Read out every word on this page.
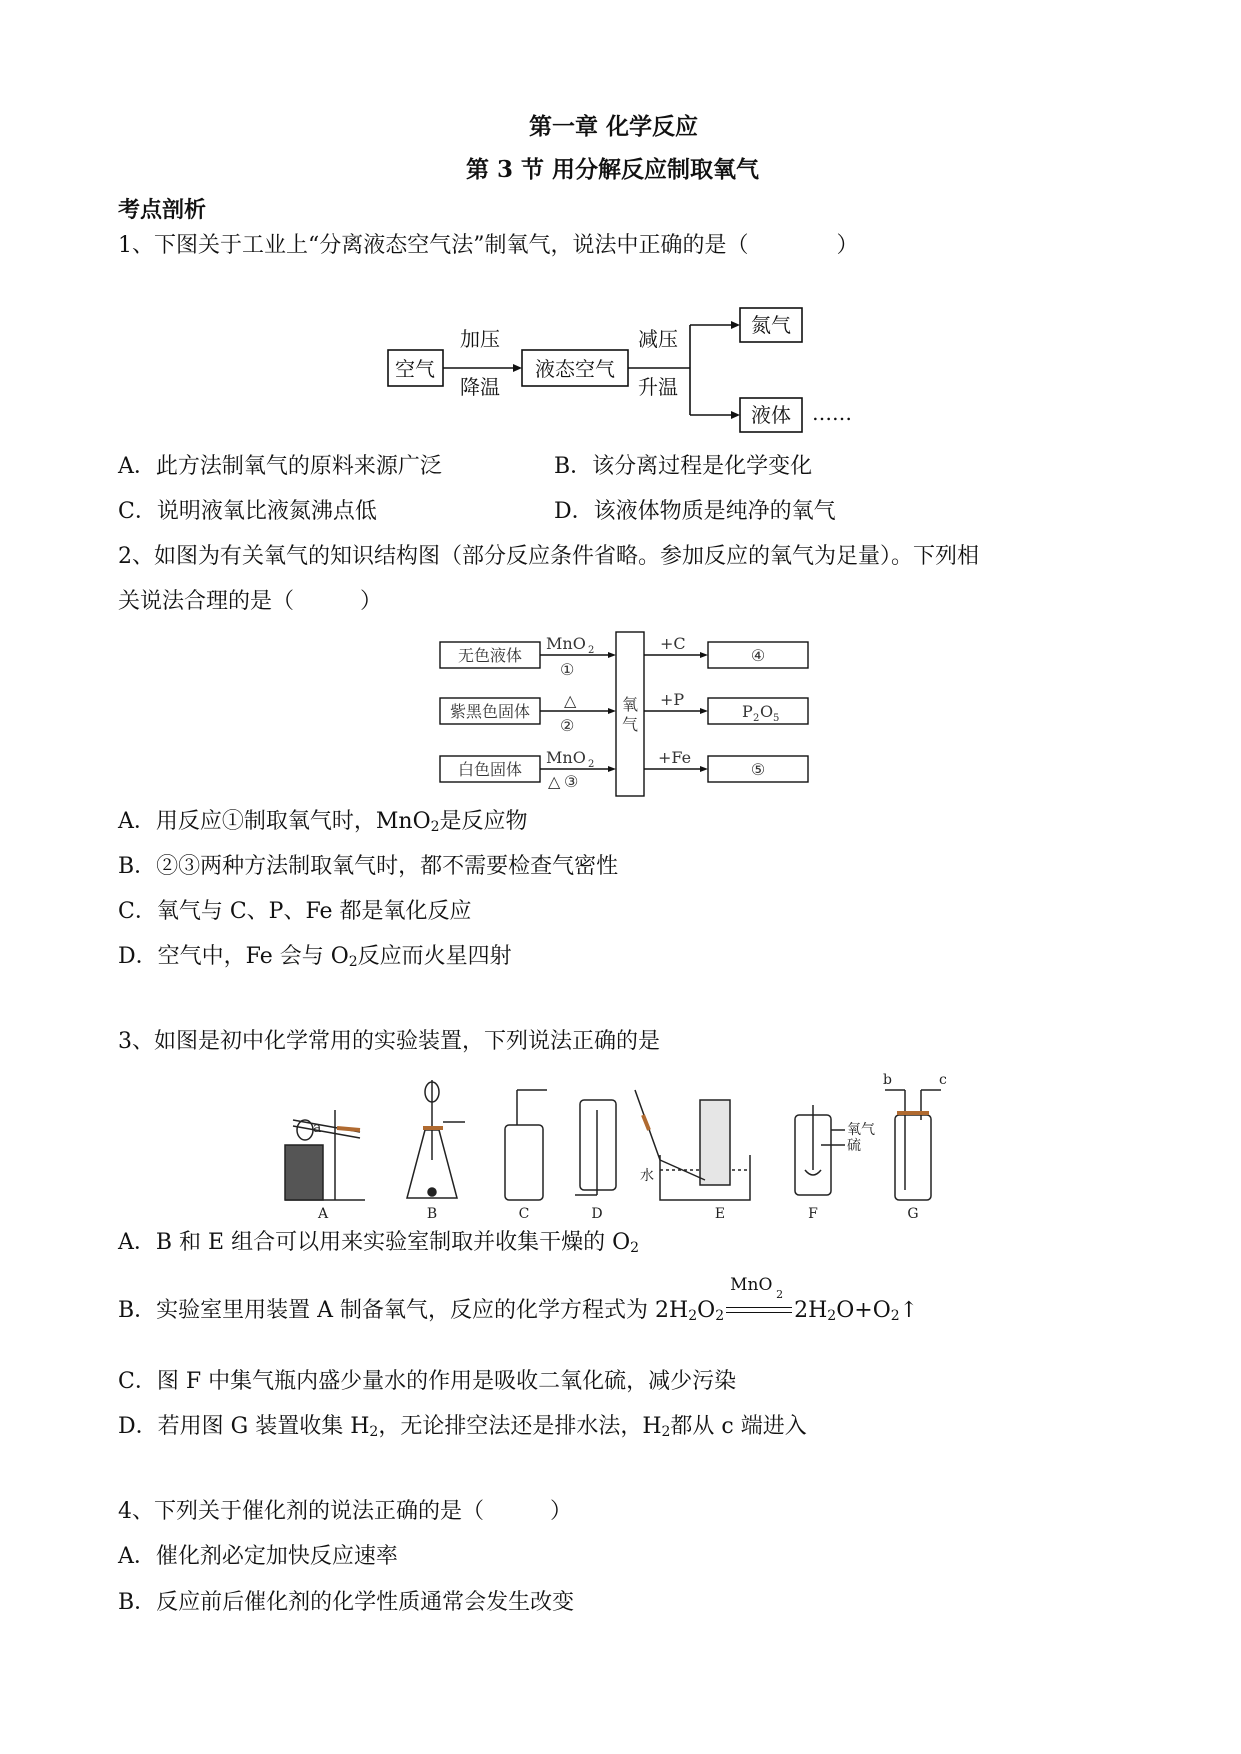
第一章 化学反应
第 3 节 用分解反应制取氧气
考点剖析
1、下图关于工业上“分离液态空气法”制氧气，说法中正确的是（　　　　）
空气
加压
降温
液态空气
减压
升温
氮气
液体 ……
A．此方法制氧气的原料来源广泛	B．该分离过程是化学变化
C．说明液氧比液氮沸点低	D．该液体物质是纯净的氧气
2、如图为有关氧气的知识结构图（部分反应条件省略。参加反应的氧气为足量）。下列相
关说法合理的是（　　　）
无色液体
紫黑色固体
白色固体
MnO 2
①
△
②
MnO 2
△ ③
氧
气
+C
+P
+Fe
④
P 2 O 5
⑤
A．用反应①制取氧气时，MnO$_2$是反应物
B．②③两种方法制取氧气时，都不需要检查气密性
C．氧气与 C、P、Fe 都是氧化反应
D．空气中，Fe 会与 $O_2$反应而火星四射
3、如图是初中化学常用的实验装置，下列说法正确的是
A	B	C	D	E	F	G
a
水
氧气
硫
b	c
A．B 和 E 组合可以用来实验室制取并收集干燥的 $O_2$
B．实验室里用装置 A 制备氧气，反应的化学方程式为 $2H_2O_2$
MnO 2
$2H_2O+O_2↑$
C．图 F 中集气瓶内盛少量水的作用是吸收二氧化硫，减少污染
D．若用图 G 装置收集 $H_2$，无论排空法还是排水法，$H_2$都从 c 端进入
4、下列关于催化剂的说法正确的是（　　　）
A．催化剂必定加快反应速率
B．反应前后催化剂的化学性质通常会发生改变
